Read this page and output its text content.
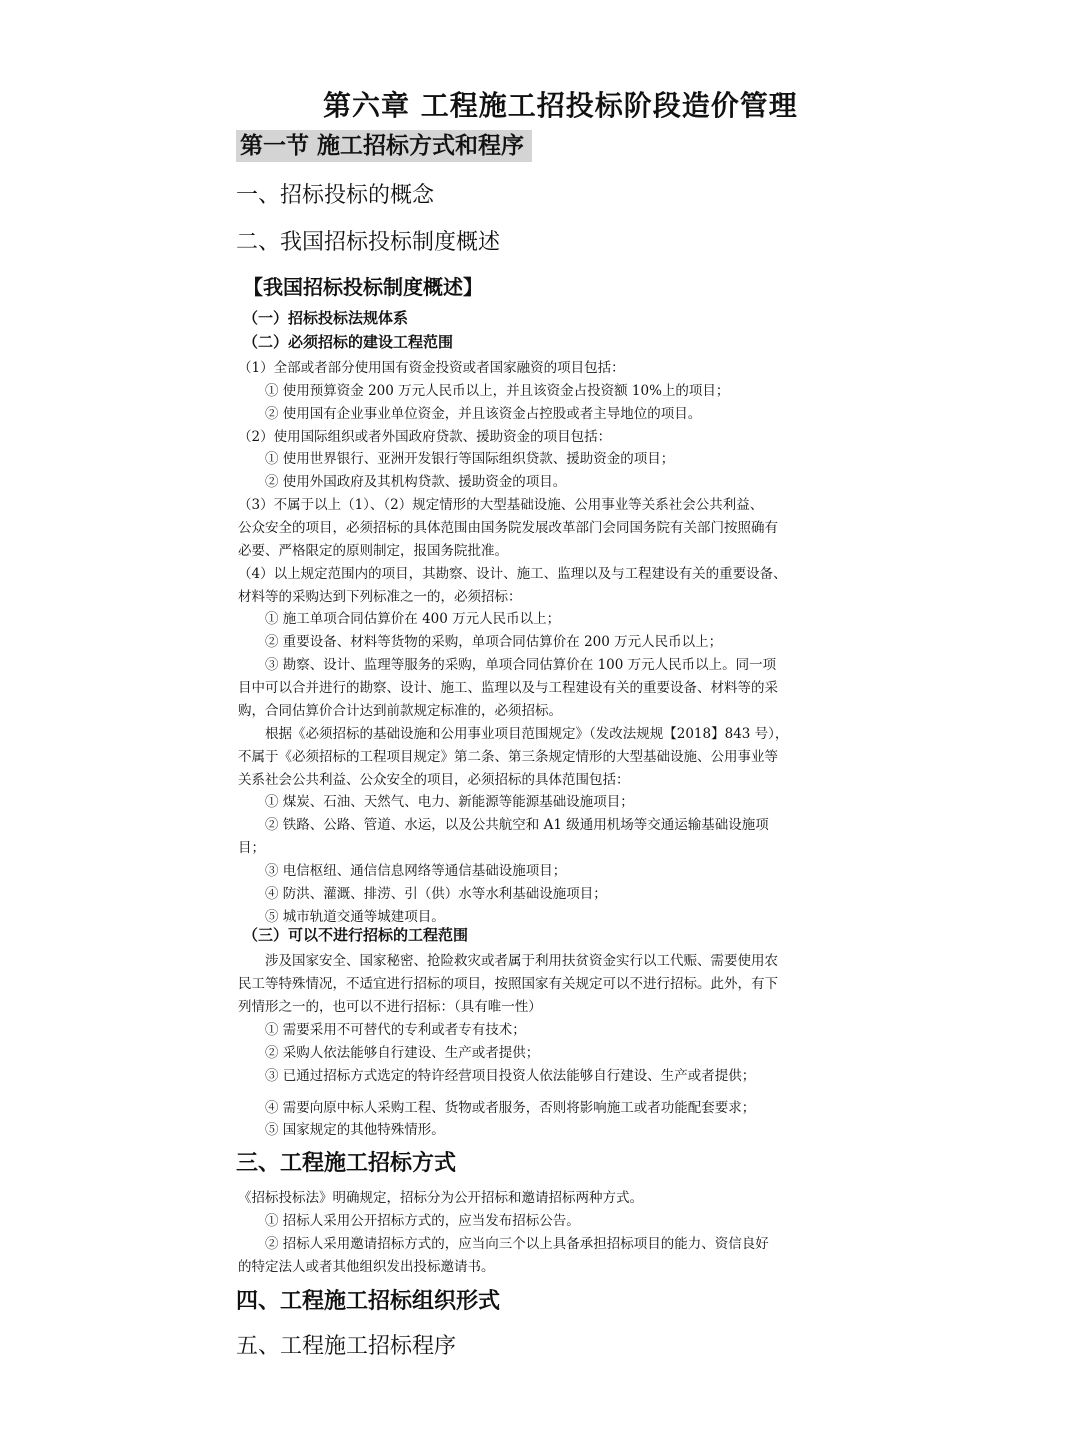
第六章 工程施工招投标阶段造价管理
第一节 施工招标方式和程序
一、招标投标的概念
二、我国招标投标制度概述
【我国招标投标制度概述】
（一）招标投标法规体系
（二）必须招标的建设工程范围
（1）全部或者部分使用国有资金投资或者国家融资的项目包括：
① 使用预算资金 200 万元人民币以上，并且该资金占投资额 10%上的项目；
② 使用国有企业事业单位资金，并且该资金占控股或者主导地位的项目。
（2）使用国际组织或者外国政府贷款、援助资金的项目包括：
① 使用世界银行、亚洲开发银行等国际组织贷款、援助资金的项目；
② 使用外国政府及其机构贷款、援助资金的项目。
（3）不属于以上（1）、（2）规定情形的大型基础设施、公用事业等关系社会公共利益、
公众安全的项目，必须招标的具体范围由国务院发展改革部门会同国务院有关部门按照确有
必要、严格限定的原则制定，报国务院批准。
（4）以上规定范围内的项目，其勘察、设计、施工、监理以及与工程建设有关的重要设备、
材料等的采购达到下列标准之一的，必须招标：
① 施工单项合同估算价在 400 万元人民币以上；
② 重要设备、材料等货物的采购，单项合同估算价在 200 万元人民币以上；
③ 勘察、设计、监理等服务的采购，单项合同估算价在 100 万元人民币以上。同一项
目中可以合并进行的勘察、设计、施工、监理以及与工程建设有关的重要设备、材料等的采
购，合同估算价合计达到前款规定标准的，必须招标。
根据《必须招标的基础设施和公用事业项目范围规定》（发改法规规【2018】843 号），
不属于《必须招标的工程项目规定》第二条、第三条规定情形的大型基础设施、公用事业等
关系社会公共利益、公众安全的项目，必须招标的具体范围包括：
① 煤炭、石油、天然气、电力、新能源等能源基础设施项目；
② 铁路、公路、管道、水运，以及公共航空和 A1 级通用机场等交通运输基础设施项
目；
③ 电信枢纽、通信信息网络等通信基础设施项目；
④ 防洪、灌溉、排涝、引（供）水等水利基础设施项目；
⑤ 城市轨道交通等城建项目。
（三）可以不进行招标的工程范围
涉及国家安全、国家秘密、抢险救灾或者属于利用扶贫资金实行以工代赈、需要使用农
民工等特殊情况，不适宜进行招标的项目，按照国家有关规定可以不进行招标。此外，有下
列情形之一的，也可以不进行招标：（具有唯一性）
① 需要采用不可替代的专利或者专有技术；
② 采购人依法能够自行建设、生产或者提供；
③ 已通过招标方式选定的特许经营项目投资人依法能够自行建设、生产或者提供；
④ 需要向原中标人采购工程、货物或者服务，否则将影响施工或者功能配套要求；
⑤ 国家规定的其他特殊情形。
三、工程施工招标方式
《招标投标法》明确规定，招标分为公开招标和邀请招标两种方式。
① 招标人采用公开招标方式的，应当发布招标公告。
② 招标人采用邀请招标方式的，应当向三个以上具备承担招标项目的能力、资信良好
的特定法人或者其他组织发出投标邀请书。
四、工程施工招标组织形式
五、工程施工招标程序
